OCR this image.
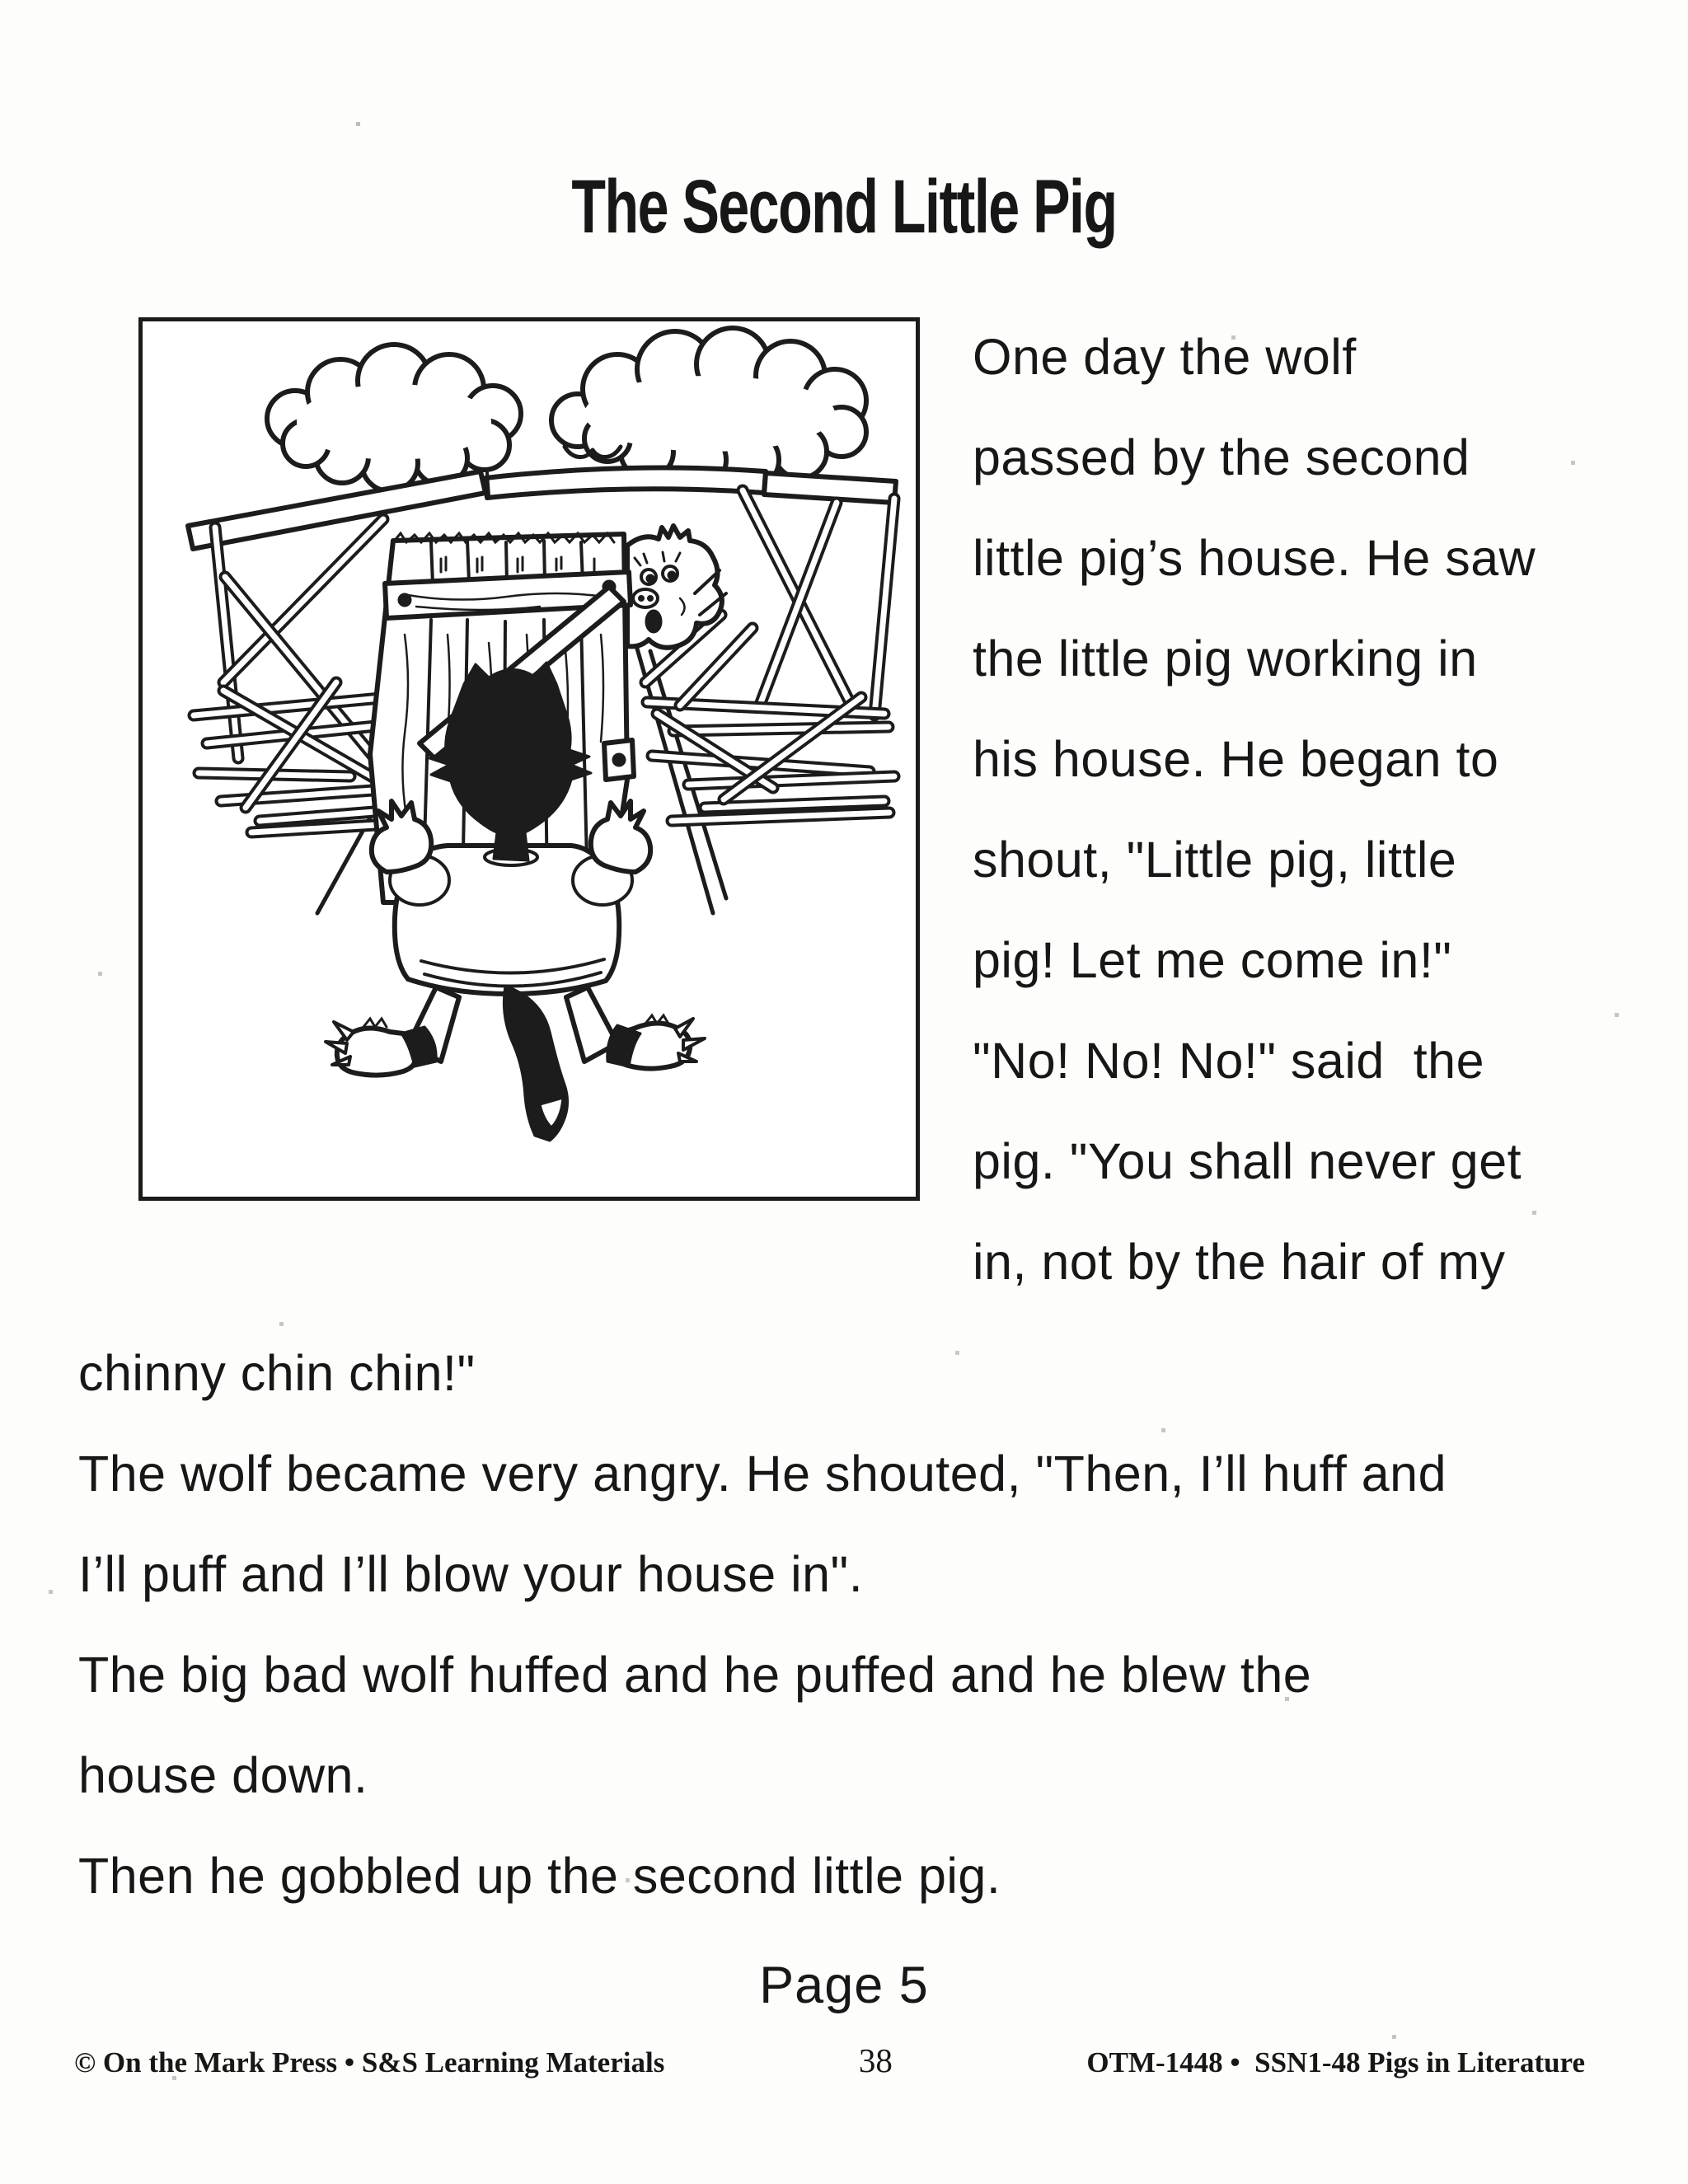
The Second Little Pig
One day the wolf
passed by the second
little pig’s house. He saw
the little pig working in
his house. He began to
shout, "Little pig, little
pig! Let me come in!"
"No! No! No!" said  the
pig. "You shall never get
in, not by the hair of my
chinny chin chin!"
The wolf became very angry. He shouted, "Then, I’ll huff and
I’ll puff and I’ll blow your house in".
The big bad wolf huffed and he puffed and he blew the
house down.
Then he gobbled up the second little pig.
Page 5
© On the Mark Press • S&S Learning Materials	38	OTM-1448 •  SSN1-48 Pigs in Literature
